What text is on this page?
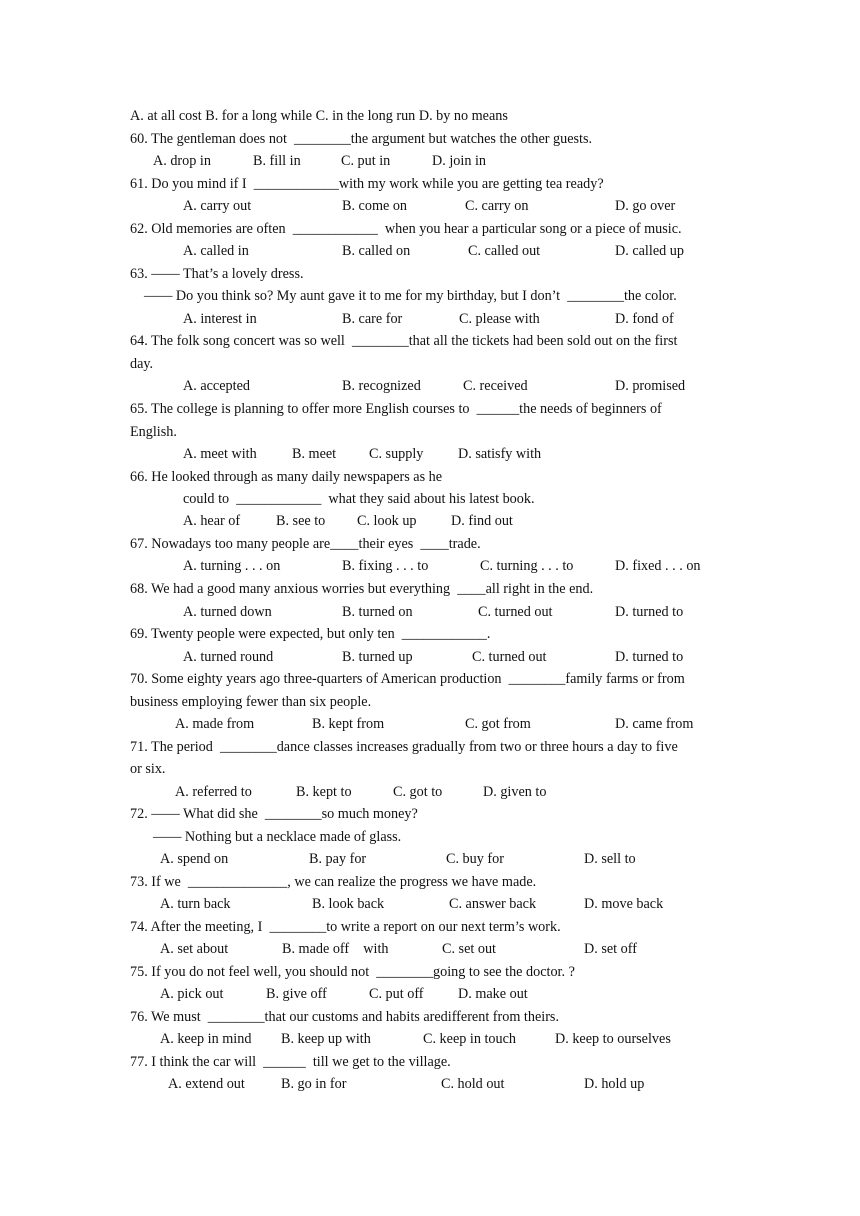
A. at all cost B. for a long while C. in the long run D. by no means
60. The gentleman does not  ________the argument but watches the other guests.
A. drop in	B. fill in	C. put in	D. join in
61. Do you mind if I  ____________with my work while you are getting tea ready?
A. carry out	B. come on	C. carry on	D. go over
62. Old memories are often  ____________  when you hear a particular song or a piece of music.
A. called in	B. called on	C. called out	D. called up
63. —— That’s a lovely dress.
—— Do you think so? My aunt gave it to me for my birthday, but I don’t  ________the color.
A. interest in	B. care for	C. please with	D. fond of
64. The folk song concert was so well  ________that all the tickets had been sold out on the first
day.
A. accepted	B. recognized	C. received	D. promised
65. The college is planning to offer more English courses to  ______the needs of beginners of
English.
A. meet with B. meet C. supply D. satisfy with
66. He looked through as many daily newspapers as he
could to  ____________  what they said about his latest book.
A. hear of	B. see to C. look up D. find out
67. Nowadays too many people are____their eyes  ____trade.
A. turning . . . on	B. fixing . . . to	C. turning . . . to	D. fixed . . . on
68. We had a good many anxious worries but everything  ____all right in the end.
A. turned down	B. turned on	C. turned out	D. turned to
69. Twenty people were expected, but only ten  ____________.
A. turned round	B. turned up	C. turned out	D. turned to
70. Some eighty years ago three-quarters of American production  ________family farms or from
business employing fewer than six people.
A. made from	B. kept from	C. got from	D. came from
71. The period  ________dance classes increases gradually from two or three hours a day to five
or six.
A. referred to	B. kept to	C. got to	D. given to
72. —— What did she  ________so much money?
—— Nothing but a necklace made of glass.
A. spend on	B. pay for	C. buy for	D. sell to
73. If we  ______________, we can realize the progress we have made.
A. turn back	B. look back	C. answer back	D. move back
74. After the meeting, I  ________to write a report on our next term’s work.
A. set about	B. made off    with	C. set out	D. set off
75. If you do not feel well, you should not  ________going to see the doctor. ?
A. pick out	B. give off	C. put off D. make out
76. We must  ________that our customs and habits aredifferent from theirs.
A. keep in mind B. keep up with	C. keep in touch	D. keep to ourselves
77. I think the car will  ______  till we get to the village.
A. extend out	B. go in for	C. hold out	D. hold up
